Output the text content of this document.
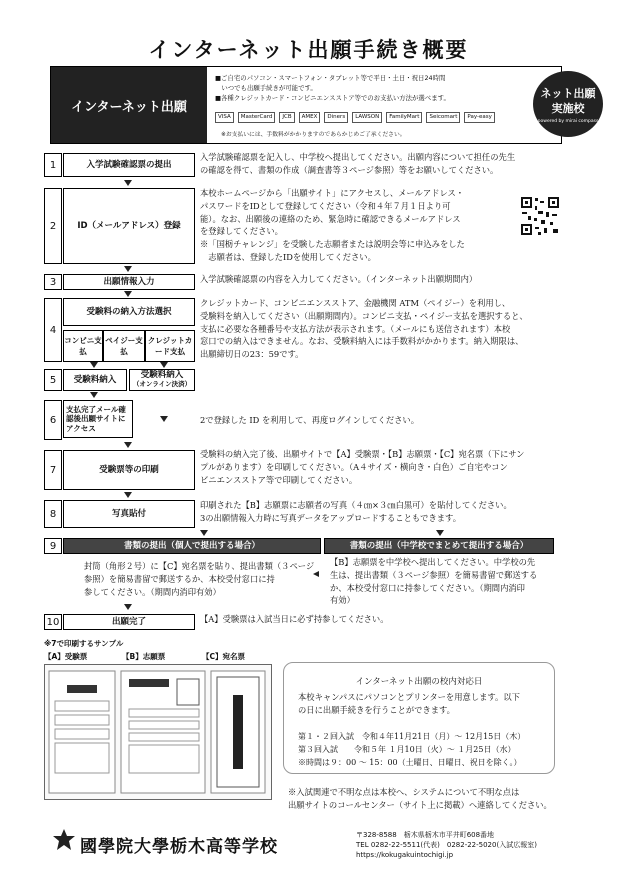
インターネット出願手続き概要
インターネット出願
■ご自宅のパソコン・スマートフォン・タブレット等で平日・土日・祝日24時間
　いつでも出願手続きが可能です。
■各種クレジットカード・コンビニエンスストア等でのお支払い方法が選べます。
VISA	MasterCard	JCB	AMEX	Diners	LAWSON	FamilyMart	Seicomart	Pay-easy
※お支払いには、手数料がかかりますのであらかじめご了承ください。
ネット出願
実施校
powered by mirai compass
1	入学試験確認票の提出
入学試験確認票を記入し、中学校へ提出してください。出願内容について担任の先生
の確認を得て、書類の作成（調査書等３ページ参照）等をお願いしてください。
2	ID（メールアドレス）登録
本校ホームページから「出願サイト」にアクセスし、メールアドレス・
パスワードをIDとして登録してください（令和４年７月１日より可
能）。なお、出願後の連絡のため、緊急時に確認できるメールアドレス
を登録してください。
※「国栃チャレンジ」を受験した志願者または説明会等に申込みをした
　志願者は、登録したIDを使用してください。
3	出願情報入力	入学試験確認票の内容を入力してください。（インターネット出願期間内）
4
受験料の納入方法選択
コンビニ支払
ペイジー支払
クレジットカード支払
クレジットカード、コンビニエンスストア、金融機関 ATM（ペイジー）を利用し、
受験料を納入してください（出願期間内）。コンビニ支払・ペイジー支払を選択すると、
支払に必要な各種番号や支払方法が表示されます。（メールにも送信されます）本校
窓口での納入はできません。なお、受験料納入には手数料がかかります。納入期限は、
出願締切日の23：59です。
5	受験料納入	受験料納入
（オンライン決済）
6
支払完了メール確認後出願サイトにアクセス
2で登録した ID を利用して、再度ログインしてください。
7	受験票等の印刷
受験料の納入完了後、出願サイトで【A】受験票・【B】志願票・【C】宛名票（下にサン
プルがあります）を印刷してください。（A４サイズ・横向き・白色）ご自宅やコン
ビニエンスストア等で印刷してください。
8	写真貼付
印刷された【B】志願票に志願者の写真（４㎝×３㎝白黒可）を貼付してください。
3の出願情報入力時に写真データをアップロードすることもできます。
9	書類の提出（個人で提出する場合）	書類の提出（中学校でまとめて提出する場合）
封筒（角形２号）に【C】宛名票を貼り、提出書類（３ページ
参照）を簡易書留で郵送するか、本校受付窓口に持
参してください。（期間内消印有効）
【B】志願票を中学校へ提出してください。中学校の先
生は、提出書類（３ページ参照）を簡易書留で郵送する
か、本校受付窓口に持参してください。（期間内消印
有効）
10	出願完了	【A】受験票は入試当日に必ず持参してください。
※7で印刷するサンプル
【A】受験票	【B】志願票	【C】宛名票
インターネット出願の校内対応日
本校キャンパスにパソコンとプリンターを用意します。以下
の日に出願手続きを行うことができます。
第１・２回入試　令和４年11月21日（月）～ 12月15日（木）
第３回入試　　令和５年 １月10日（火）～ １月25日（水）
※時間は９：00 ～ 15：00（土曜日、日曜日、祝日を除く。）
※入試関連で不明な点は本校へ、システムについて不明な点は
出願サイトのコールセンター（サイト上に掲載）へ連絡してください。
國學院大學栃木高等学校
〒328-8588　栃木県栃木市平井町608番地
TEL 0282-22-5511(代表)　0282-22-5020(入試広報室)
https://kokugakuintochigi.jp
